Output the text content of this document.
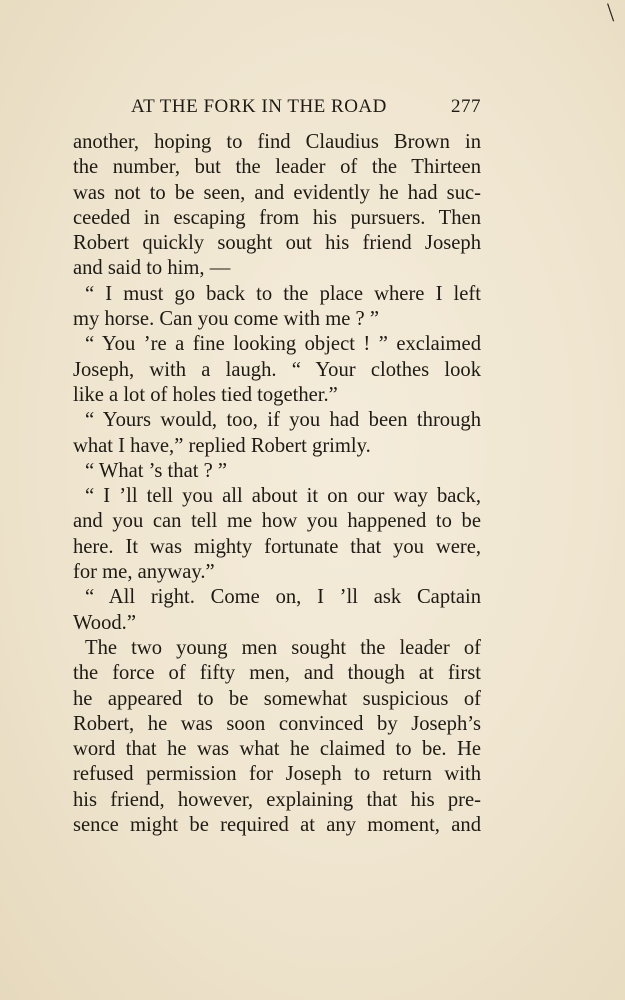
\
AT THE FORK IN THE ROAD	277
another, hoping to find Claudius Brown in
the number, but the leader of the Thirteen
was not to be seen, and evidently he had suc-
ceeded in escaping from his pursuers. Then
Robert quickly sought out his friend Joseph
and said to him, —
“ I must go back to the place where I left
my horse. Can you come with me ? ”
“ You ’re a fine looking object ! ” exclaimed
Joseph, with a laugh. “ Your clothes look
like a lot of holes tied together.”
“ Yours would, too, if you had been through
what I have,” replied Robert grimly.
“ What ’s that ? ”
“ I ’ll tell you all about it on our way back,
and you can tell me how you happened to be
here. It was mighty fortunate that you were,
for me, anyway.”
“ All right. Come on, I ’ll ask Captain
Wood.”
The two young men sought the leader of
the force of fifty men, and though at first
he appeared to be somewhat suspicious of
Robert, he was soon convinced by Joseph’s
word that he was what he claimed to be. He
refused permission for Joseph to return with
his friend, however, explaining that his pre-
sence might be required at any moment, and
